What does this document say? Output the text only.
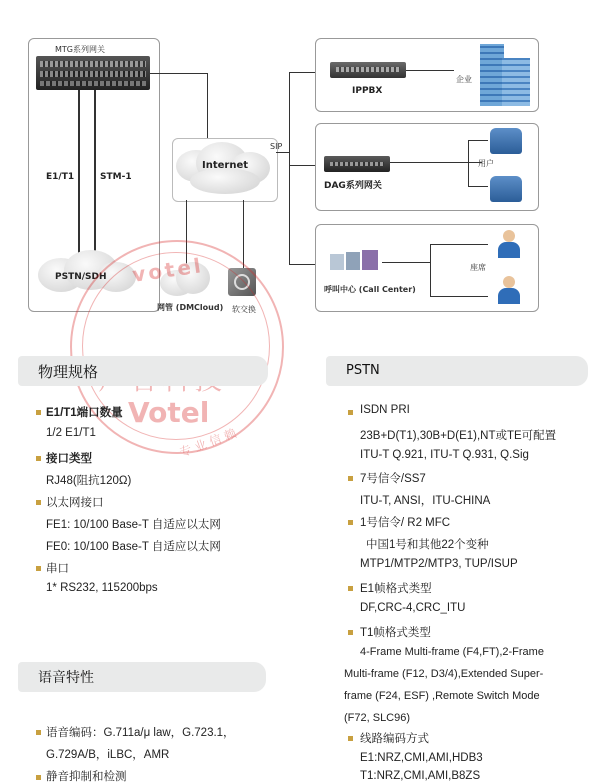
MTG系列网关
E1/T1	STM-1
PSTN/SDH
Internet
SIP
网管 (DMCloud) 软交换
IPPBX
企业
DAG系列网关
用户
呼叫中心 (Call Center)
座席
votel
Votel
专 业 信 赖
物理规格
E1/T1端口数量
1/2 E1/T1
接口类型
RJ48(阻抗120Ω)
以太网接口
FE1: 10/100 Base-T 自适应以太网
FE0: 10/100 Base-T 自适应以太网
串口
1* RS232, 115200bps
语音特性
语音编码：G.711a/μ law，G.723.1，
G.729A/B，iLBC，AMR
静音抑制和检测
PSTN
ISDN PRI
23B+D(T1),30B+D(E1),NT或TE可配置
ITU-T Q.921, ITU-T Q.931, Q.Sig
7号信令/SS7
ITU-T, ANSI，ITU-CHINA
1号信令/ R2 MFC
中国1号和其他22个变种
MTP1/MTP2/MTP3, TUP/ISUP
E1帧格式类型
DF,CRC-4,CRC_ITU
T1帧格式类型
4-Frame Multi-frame (F4,FT),2-Frame
Multi-frame (F12, D3/4),Extended Super-
frame (F24, ESF) ,Remote Switch Mode
(F72, SLC96)
线路编码方式
E1:NRZ,CMI,AMI,HDB3
T1:NRZ,CMI,AMI,B8ZS
